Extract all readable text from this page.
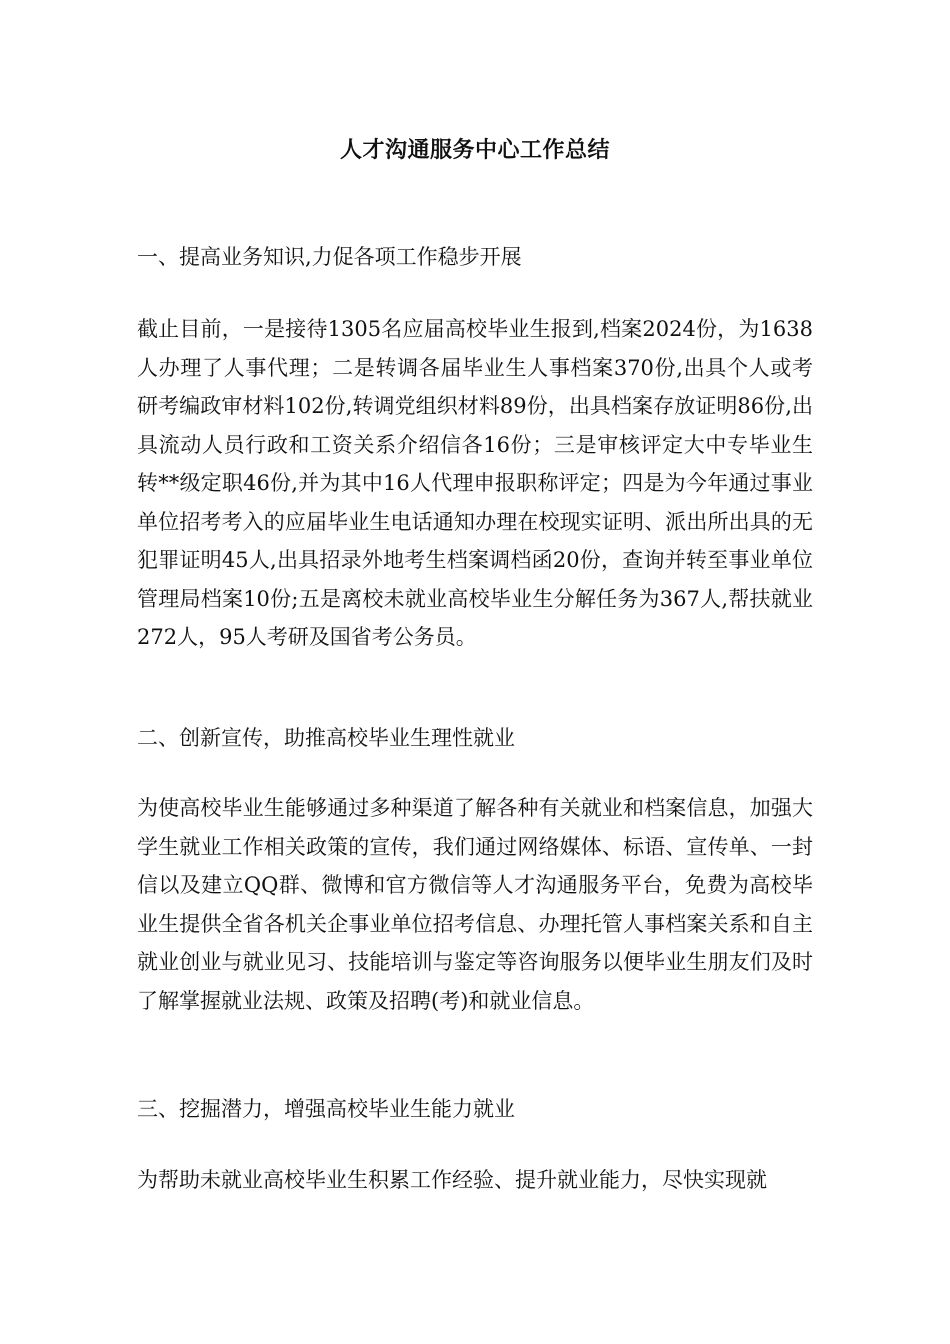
人才沟通服务中心工作总结
一、提高业务知识,力促各项工作稳步开展

截止目前，一是接待1305名应届高校毕业生报到,档案2024份，为1638人办理了人事代理；二是转调各届毕业生人事档案370份,出具个人或考研考编政审材料102份,转调党组织材料89份，出具档案存放证明86份,出具流动人员行政和工资关系介绍信各16份；三是审核评定大中专毕业生转**级定职46份,并为其中16人代理申报职称评定；四是为今年通过事业单位招考考入的应届毕业生电话通知办理在校现实证明、派出所出具的无犯罪证明45人,出具招录外地考生档案调档函20份，查询并转至事业单位管理局档案10份;五是离校未就业高校毕业生分解任务为367人,帮扶就业272人，95人考研及国省考公务员。

二、创新宣传，助推高校毕业生理性就业

为使高校毕业生能够通过多种渠道了解各种有关就业和档案信息，加强大学生就业工作相关政策的宣传，我们通过网络媒体、标语、宣传单、一封信以及建立QQ群、微博和官方微信等人才沟通服务平台，免费为高校毕业生提供全省各机关企事业单位招考信息、办理托管人事档案关系和自主就业创业与就业见习、技能培训与鉴定等咨询服务以便毕业生朋友们及时了解掌握就业法规、政策及招聘(考)和就业信息。

三、挖掘潜力，增强高校毕业生能力就业

为帮助未就业高校毕业生积累工作经验、提升就业能力，尽快实现就
